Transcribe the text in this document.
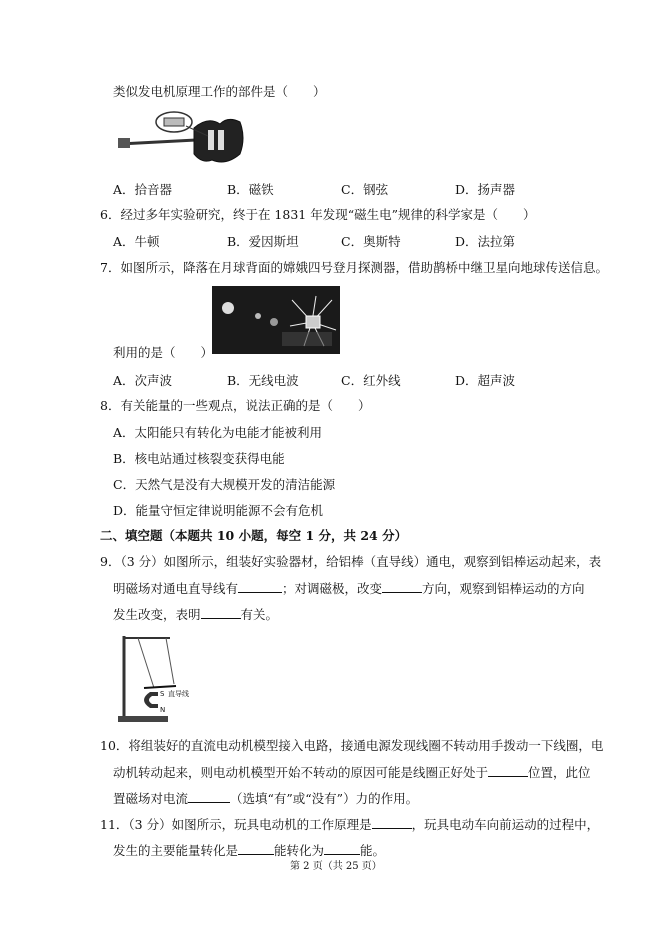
类似发电机原理工作的部件是（　　）
A．拾音器	B．磁铁	C．钢弦	D．扬声器
6．经过多年实验研究，终于在 1831 年发现“磁生电”规律的科学家是（　　）
A．牛顿	B．爱因斯坦	C．奥斯特	D．法拉第
7．如图所示，降落在月球背面的嫦娥四号登月探测器，借助鹊桥中继卫星向地球传送信息。
利用的是（　　）
A．次声波	B．无线电波	C．红外线	D．超声波
8．有关能量的一些观点，说法正确的是（　　）
A．太阳能只有转化为电能才能被利用
B．核电站通过核裂变获得电能
C．天然气是没有大规模开发的清洁能源
D．能量守恒定律说明能源不会有危机
二、填空题（本题共 10 小题，每空 1 分，共 24 分）
9．（3 分）如图所示，组装好实验器材，给铝棒（直导线）通电，观察到铝棒运动起来，表
明磁场对通电直导线有	；对调磁极，改变	方向，观察到铝棒运动的方向
发生改变，表明	有关。
S
N
直导线
10．将组装好的直流电动机模型接入电路，接通电源发现线圈不转动用手拨动一下线圈，电
动机转动起来，则电动机模型开始不转动的原因可能是线圈正好处于	位置，此位
置磁场对电流	（选填“有”或“没有”）力的作用。
11．（3 分）如图所示，玩具电动机的工作原理是	，玩具电动车向前运动的过程中，
发生的主要能量转化是	能转化为	能。
第 2 页（共 25 页）
